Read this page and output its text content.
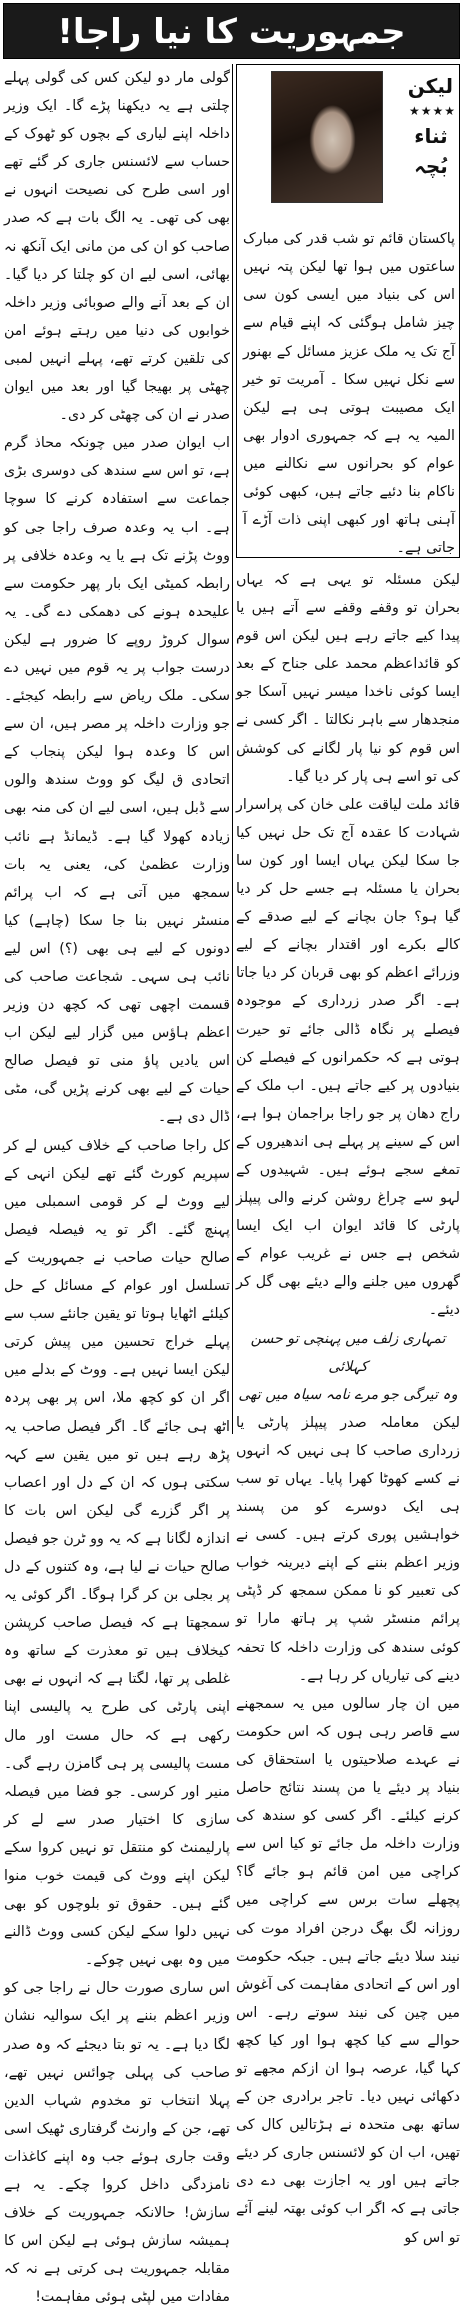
جمہوریت کا نیا راجا!
لیکن
★★★★
ثناء بُچہ

پاکستان قائم تو شب قدر کی مبارک ساعتوں میں ہوا تھا لیکن پتہ نہیں اس کی بنیاد میں ایسی کون سی چیز شامل ہوگئی کہ اپنے قیام سے آج تک یہ ملک عزیز مسائل کے بھنور سے نکل نہیں سکا ۔ آمریت تو خیر ایک مصیبت ہوتی ہی ہے لیکن المیہ یہ ہے کہ جمہوری ادوار بھی عوام کو بحرانوں سے نکالنے میں ناکام بنا دئیے جاتے ہیں، کبھی کوئی آہنی ہاتھ اور کبھی اپنی ذات آڑے آ جاتی ہے۔

لیکن مسئلہ تو یہی ہے کہ یہاں بحران تو وقفے وقفے سے آتے ہیں یا پیدا کیے جاتے رہے ہیں لیکن اس قوم کو قائداعظم محمد علی جناح کے بعد ایسا کوئی ناخدا میسر نہیں آسکا جو منجدھار سے باہر نکالتا ۔ اگر کسی نے اس قوم کو نیا پار لگانے کی کوشش کی تو اسے ہی پار کر دیا گیا۔

قائد ملت لیاقت علی خان کی پراسرار شہادت کا عقدہ آج تک حل نہیں کیا جا سکا لیکن یہاں ایسا اور کون سا بحران یا مسئلہ ہے جسے حل کر دیا گیا ہو؟ جان بچانے کے لیے صدقے کے کالے بکرے اور اقتدار بچانے کے لیے وزرائے اعظم کو بھی قربان کر دیا جاتا ہے۔ اگر صدر زرداری کے موجودہ فیصلے پر نگاہ ڈالی جائے تو حیرت ہوتی ہے کہ حکمرانوں کے فیصلے کن بنیادوں پر کیے جاتے ہیں۔ اب ملک کے راج دھان پر جو راجا براجمان ہوا ہے، اس کے سینے پر پہلے ہی اندھیروں کے تمغے سجے ہوئے ہیں۔ شہیدوں کے لہو سے چراغ روشن کرنے والی پیپلز پارٹی کا قائد ایوان اب ایک ایسا شخص ہے جس نے غریب عوام کے گھروں میں جلنے والے دیئے بھی گل کر دیئے۔

تمہاری زلف میں پہنچی تو حسن کہلائی

وہ تیرگی جو مرے نامہ سیاہ میں تھی

لیکن معاملہ صدر پیپلز پارٹی یا زرداری صاحب کا ہی نہیں کہ انہوں نے کسے کھوٹا کھرا پایا۔ یہاں تو سب ہی ایک دوسرے کو من پسند خواہشیں پوری کرتے ہیں۔ کسی نے وزیر اعظم بننے کے اپنے دیرینہ خواب کی تعبیر کو نا ممکن سمجھ کر ڈپٹی پرائم منسٹر شپ پر ہاتھ مارا تو کوئی سندھ کی وزارت داخلہ کا تحفہ دینے کی تیاریاں کر رہا ہے۔

میں ان چار سالوں میں یہ سمجھنے سے قاصر رہی ہوں کہ اس حکومت نے عہدے صلاحیتوں یا استحقاق کی بنیاد پر دیئے یا من پسند نتائج حاصل کرنے کیلئے۔ اگر کسی کو سندھ کی وزارت داخلہ مل جائے تو کیا اس سے کراچی میں امن قائم ہو جائے گا؟ پچھلے سات برس سے کراچی میں روزانہ لگ بھگ درجن افراد موت کی نیند سلا دیئے جاتے ہیں۔ جبکہ حکومت اور اس کے اتحادی مفاہمت کی آغوش میں چین کی نیند سوتے رہے۔ اس حوالے سے کیا کچھ ہوا اور کیا کچھ کہا گیا، عرصہ ہوا ان ازکم مجھے تو دکھائی نہیں دیا۔ تاجر برادری جن کے ساتھ بھی متحدہ نے ہڑتالیں کال کی تھیں، اب ان کو لائسنس جاری کر دیئے جاتے ہیں اور یہ اجازت بھی دے دی جاتی ہے کہ اگر اب کوئی بھتہ لینے آئے تو اس کو

گولی مار دو لیکن کس کی گولی پہلے چلتی ہے یہ دیکھنا پڑے گا۔ ایک وزیر داخلہ اپنے لیاری کے بچوں کو ٹھوک کے حساب سے لائسنس جاری کر گئے تھے اور اسی طرح کی نصیحت انہوں نے بھی کی تھی۔ یہ الگ بات ہے کہ صدر صاحب کو ان کی من مانی ایک آنکھ نہ بھائی، اسی لیے ان کو چلتا کر دیا گیا۔ ان کے بعد آنے والے صوبائی وزیر داخلہ خوابوں کی دنیا میں رہتے ہوئے امن کی تلقین کرتے تھے، پہلے انہیں لمبی چھٹی پر بھیجا گیا اور بعد میں ایوان صدر نے ان کی چھٹی کر دی۔

اب ایوان صدر میں چونکہ محاذ گرم ہے، تو اس سے سندھ کی دوسری بڑی جماعت سے استفادہ کرنے کا سوچا ہے۔ اب یہ وعدہ صرف راجا جی کو ووٹ پڑنے تک ہے یا یہ وعدہ خلافی پر رابطہ کمیٹی ایک بار پھر حکومت سے علیحدہ ہونے کی دھمکی دے گی۔ یہ سوال کروڑ روپے کا ضرور ہے لیکن درست جواب پر یہ قوم میں نہیں دے سکی۔ ملک ریاض سے رابطہ کیجئے۔ جو وزارت داخلہ پر مصر ہیں، ان سے اس کا وعدہ ہوا لیکن پنجاب کے اتحادی ق لیگ کو ووٹ سندھ والوں سے ڈبل ہیں، اسی لیے ان کی منہ بھی زیادہ کھولا گیا ہے۔ ڈیمانڈ ہے نائب وزارت عظمیٰ کی، یعنی یہ بات سمجھ میں آتی ہے کہ اب پرائم منسٹر نہیں بنا جا سکا (چاہے) کیا دونوں کے لیے ہی بھی (؟) اس لیے نائب ہی سہی۔ شجاعت صاحب کی قسمت اچھی تھی کہ کچھ دن وزیر اعظم ہاؤس میں گزار لیے لیکن اب اس یادیں پاؤ منی تو فیصل صالح حیات کے لیے بھی کرنے پڑیں گی، مٹی ڈال دی ہے۔

کل راجا صاحب کے خلاف کیس لے کر سپریم کورٹ گئے تھے لیکن انہی کے لیے ووٹ لے کر قومی اسمبلی میں پہنچ گئے۔ اگر تو یہ فیصلہ فیصل صالح حیات صاحب نے جمہوریت کے تسلسل اور عوام کے مسائل کے حل کیلئے اٹھایا ہوتا تو یقین جانئے سب سے پہلے خراج تحسین میں پیش کرتی لیکن ایسا نہیں ہے۔ ووٹ کے بدلے میں اگر ان کو کچھ ملا، اس پر بھی پردہ اٹھ ہی جائے گا۔ اگر فیصل صاحب یہ پڑھ رہے ہیں تو میں یقین سے کہہ سکتی ہوں کہ ان کے دل اور اعصاب پر اگر گزرے گی لیکن اس بات کا اندازہ لگانا ہے کہ یہ وو ٹرن جو فیصل صالح حیات نے لیا ہے، وہ کتنوں کے دل پر بجلی بن کر گرا ہوگا۔ اگر کوئی یہ سمجھتا ہے کہ فیصل صاحب کرپشن کیخلاف ہیں تو معذرت کے ساتھ وہ غلطی پر تھا، لگتا ہے کہ انہوں نے بھی اپنی پارٹی کی طرح یہ پالیسی اپنا رکھی ہے کہ حال مست اور مال مست پالیسی پر ہی گامزن رہے گی۔ منیر اور کرسی۔ جو فضا میں فیصلہ سازی کا اختیار صدر سے لے کر پارلیمنٹ کو منتقل تو نہیں کروا سکے لیکن اپنے ووٹ کی قیمت خوب منوا گئے ہیں۔ حقوق تو بلوچوں کو بھی نہیں دلوا سکے لیکن کسی ووٹ ڈالنے میں وہ بھی نہیں چوکے۔

اس ساری صورت حال نے راجا جی کو وزیر اعظم بننے پر ایک سوالیہ نشان لگا دیا ہے۔ یہ تو بتا دیجئے کہ وہ صدر صاحب کی پہلی چوائس نہیں تھے، پہلا انتخاب تو مخدوم شہاب الدین تھے، جن کے وارنٹ گرفتاری ٹھیک اسی وقت جاری ہوئے جب وہ اپنے کاغذات نامزدگی داخل کروا چکے۔ یہ ہے سازش! حالانکہ جمہوریت کے خلاف ہمیشہ سازش ہوئی ہے لیکن اس کا مقابلہ جمہوریت ہی کرتی ہے نہ کہ مفادات میں لپٹی ہوئی مفاہمت!
